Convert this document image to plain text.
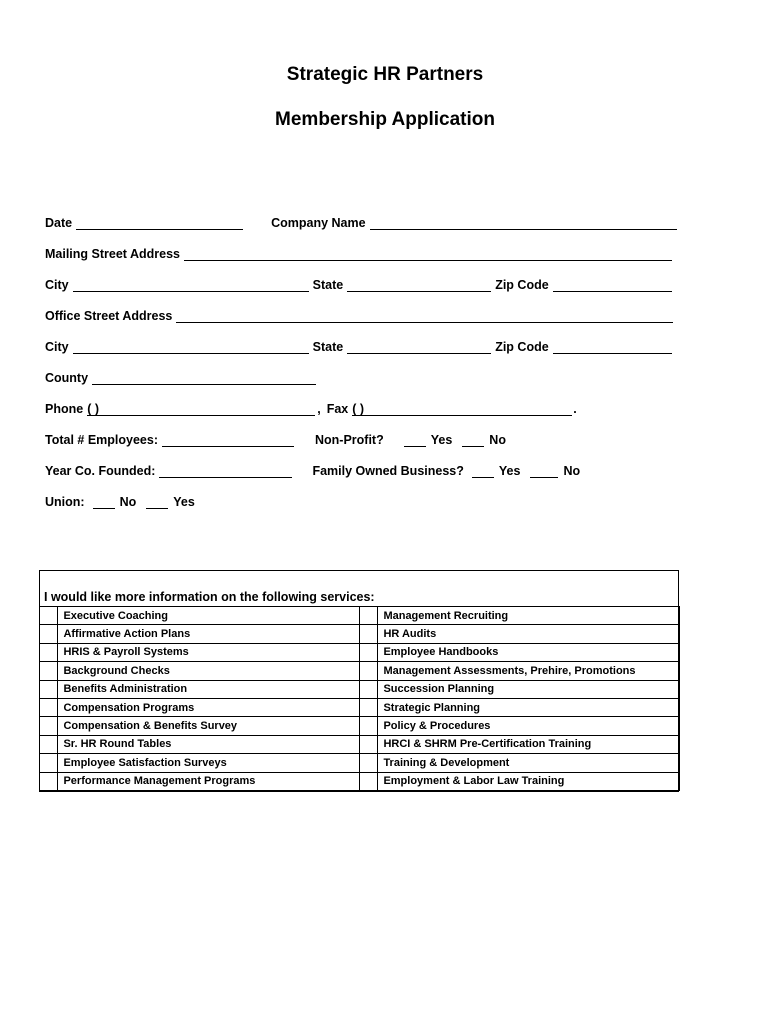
Strategic HR Partners
Membership Application
Date	Company Name
Mailing Street Address
City	State	Zip Code
Office Street Address
City	State	Zip Code
County
Phone ( )	, Fax ( )	.
Total # Employees:	Non-Profit?	Yes	No
Year Co. Founded:	Family Owned Business?	Yes	No
Union:	No	Yes
I would like more information on the following services:
	Executive Coaching		Management Recruiting
	Affirmative Action Plans		HR Audits
	HRIS & Payroll Systems		Employee Handbooks
	Background Checks		Management Assessments, Prehire, Promotions
	Benefits Administration		Succession Planning
	Compensation Programs		Strategic Planning
	Compensation & Benefits Survey		Policy & Procedures
	Sr. HR Round Tables		HRCI & SHRM Pre-Certification Training
	Employee Satisfaction Surveys		Training & Development
	Performance Management Programs		Employment & Labor Law Training
